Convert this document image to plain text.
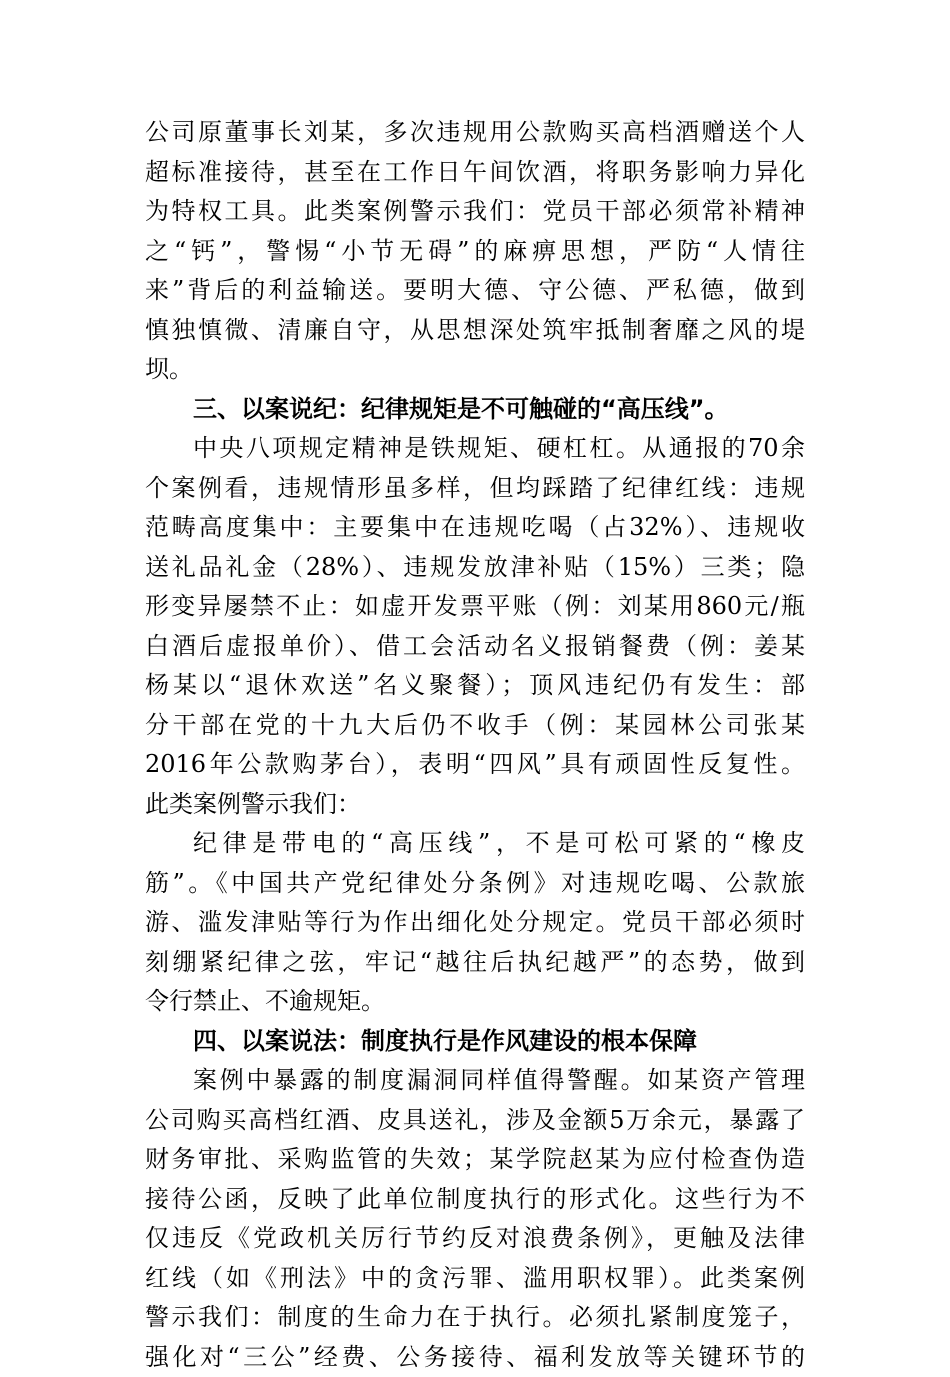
公司原董事长刘某，多次违规用公款购买高档酒赠送个人
超标准接待，甚至在工作日午间饮酒，将职务影响力异化
为特权工具。此类案例警示我们：党员干部必须常补精神
之“钙”，警惕“小节无碍”的麻痹思想，严防“人情往
来”背后的利益输送。要明大德、守公德、严私德，做到
慎独慎微、清廉自守，从思想深处筑牢抵制奢靡之风的堤
坝。
三、以案说纪：纪律规矩是不可触碰的“高压线”。
中央八项规定精神是铁规矩、硬杠杠。从通报的70余
个案例看，违规情形虽多样，但均踩踏了纪律红线：违规
范畴高度集中：主要集中在违规吃喝（占32%）、违规收
送礼品礼金（28%）、违规发放津补贴（15%）三类；隐
形变异屡禁不止：如虚开发票平账（例：刘某用860元/瓶
白酒后虚报单价）、借工会活动名义报销餐费（例：姜某
杨某以“退休欢送”名义聚餐）；顶风违纪仍有发生：部
分干部在党的十九大后仍不收手（例：某园林公司张某
2016年公款购茅台），表明“四风”具有顽固性反复性。
此类案例警示我们：
纪律是带电的“高压线”，不是可松可紧的“橡皮
筋”。《中国共产党纪律处分条例》对违规吃喝、公款旅
游、滥发津贴等行为作出细化处分规定。党员干部必须时
刻绷紧纪律之弦，牢记“越往后执纪越严”的态势，做到
令行禁止、不逾规矩。
四、以案说法：制度执行是作风建设的根本保障
案例中暴露的制度漏洞同样值得警醒。如某资产管理
公司购买高档红酒、皮具送礼，涉及金额5万余元，暴露了
财务审批、采购监管的失效；某学院赵某为应付检查伪造
接待公函，反映了此单位制度执行的形式化。这些行为不
仅违反《党政机关厉行节约反对浪费条例》，更触及法律
红线（如《刑法》中的贪污罪、滥用职权罪）。此类案例
警示我们：制度的生命力在于执行。必须扎紧制度笼子，
强化对“三公”经费、公务接待、福利发放等关键环节的
